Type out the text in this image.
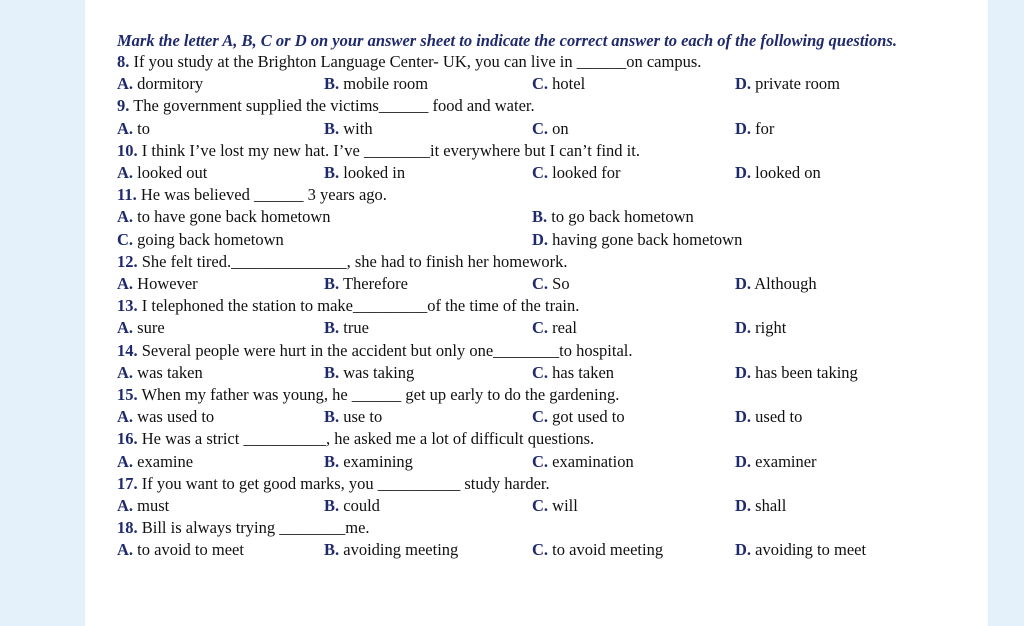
Mark the letter A, B, C or D on your answer sheet to indicate the correct answer to each of the following questions.

8. If you study at the Brighton Language Center- UK, you can live in ______on campus.
A. dormitory	B. mobile room	C. hotel	D. private room
9. The government supplied the victims______ food and water.
A. to	B. with	C. on	D. for
10. I think I’ve lost my new hat. I’ve ________it everywhere but I can’t find it.
A. looked out	B. looked in	C. looked for	D. looked on
11. He was believed ______ 3 years ago.
A. to have gone back hometown	B. to go back hometown
C. going back hometown	D. having gone back hometown
12. She felt tired.______________, she had to finish her homework.
A. However	B. Therefore	C. So	D. Although
13. I telephoned the station to make_________of the time of the train.
A. sure	B. true	C. real	D. right
14. Several people were hurt in the accident but only one________to hospital.
A. was taken	B. was taking	C. has taken	D. has been taking
15. When my father was young, he ______ get up early to do the gardening.
A. was used to	B. use to	C. got used to	D. used to
16. He was a strict __________, he asked me a lot of difficult questions.
A. examine	B. examining	C. examination	D. examiner
17. If you want to get good marks, you __________ study harder.
A. must	B. could	C. will	D. shall
18. Bill is always trying ________me.
A. to avoid to meet	B. avoiding meeting	C. to avoid meeting	D. avoiding to meet
